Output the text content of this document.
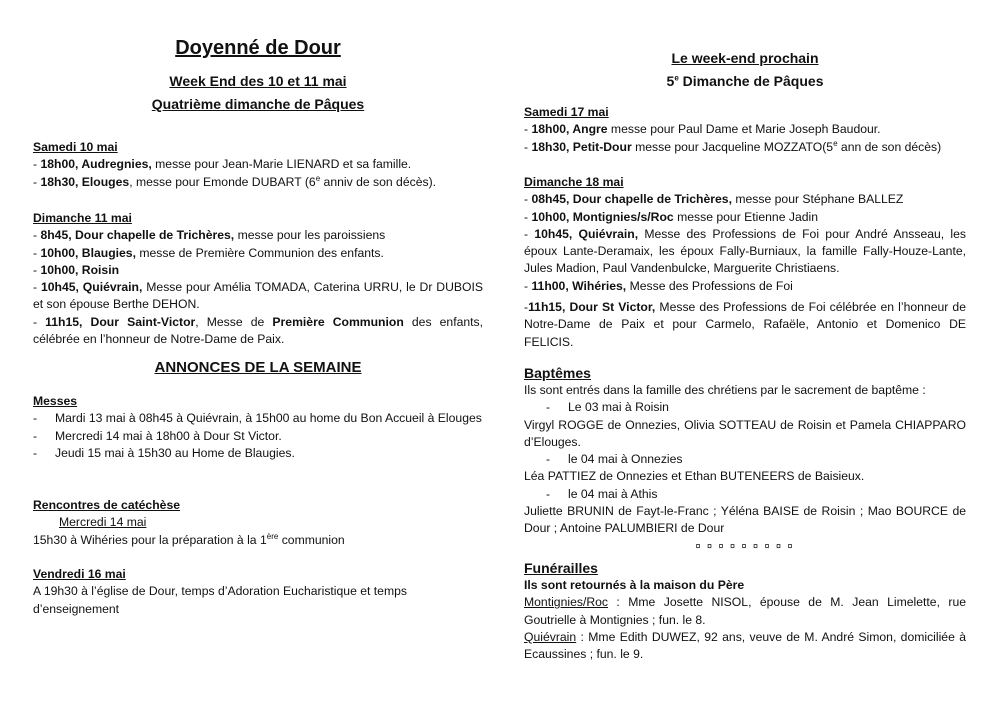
Doyenné de Dour
Week End des 10 et 11 mai
Quatrième dimanche de Pâques
Samedi 10 mai
- 18h00, Audregnies, messe pour Jean-Marie LIENARD et sa famille.
- 18h30, Elouges, messe pour Emonde DUBART (6e anniv de son décès).
Dimanche 11 mai
- 8h45, Dour chapelle de Trichères, messe pour les paroissiens
- 10h00, Blaugies, messe de Première Communion des enfants.
- 10h00, Roisin
- 10h45, Quiévrain, Messe pour Amélia TOMADA, Caterina URRU, le Dr DUBOIS et son épouse Berthe DEHON.
- 11h15, Dour Saint-Victor, Messe de Première Communion des enfants, célébrée en l’honneur de Notre-Dame de Paix.
ANNONCES DE LA SEMAINE
Messes
- Mardi 13 mai à 08h45 à Quiévrain, à 15h00 au home du Bon Accueil à Elouges
- Mercredi 14 mai à 18h00 à Dour St Victor.
- Jeudi 15 mai à 15h30 au Home de Blaugies.
Rencontres de catéchèse
Mercredi 14 mai
15h30 à Wihéries pour la préparation à la 1ère communion
Vendredi 16 mai
A 19h30 à l’église de Dour, temps d’Adoration Eucharistique et temps d’enseignement
Le week-end prochain
5e Dimanche de Pâques
Samedi 17 mai
- 18h00, Angre messe pour Paul Dame et Marie Joseph Baudour.
- 18h30, Petit-Dour messe pour Jacqueline MOZZATO(5e ann de son décès)
Dimanche 18 mai
- 08h45, Dour chapelle de Trichères, messe pour Stéphane BALLEZ
- 10h00, Montignies/s/Roc messe pour Etienne Jadin
- 10h45, Quiévrain, Messe des Professions de Foi pour André Ansseau, les époux Lante-Deramaix, les époux Fally-Burniaux, la famille Fally-Houze-Lante, Jules Madion, Paul Vandenbulcke, Marguerite Christiaens.
- 11h00, Wihéries, Messe des Professions de Foi
-11h15, Dour St Victor, Messe des Professions de Foi célébrée en l’honneur de Notre-Dame de Paix et pour Carmelo, Rafaële, Antonio et Domenico DE FELICIS.
Baptêmes
Ils sont entrés dans la famille des chrétiens par le sacrement de baptême :
- Le 03 mai à Roisin
Virgyl ROGGE de Onnezies, Olivia SOTTEAU de Roisin et Pamela CHIAPPARO d’Elouges.
- le 04 mai à Onnezies
Léa PATTIEZ de Onnezies et Ethan BUTENEERS de Baisieux.
- le 04 mai à Athis
Juliette BRUNIN de Fayt-le-Franc ; Yéléna BAISE de Roisin ; Mao BOURCE de Dour ; Antoine PALUMBIERI de Dour
¤ ¤ ¤ ¤ ¤ ¤ ¤ ¤ ¤
Funérailles
Ils sont retournés à la maison du Père
Montignies/Roc : Mme Josette NISOL, épouse de M. Jean Limelette, rue Goutrielle à Montignies ; fun. le 8.
Quiévrain : Mme Edith DUWEZ, 92 ans, veuve de M. André Simon, domiciliée à Ecaussines ; fun. le 9.
